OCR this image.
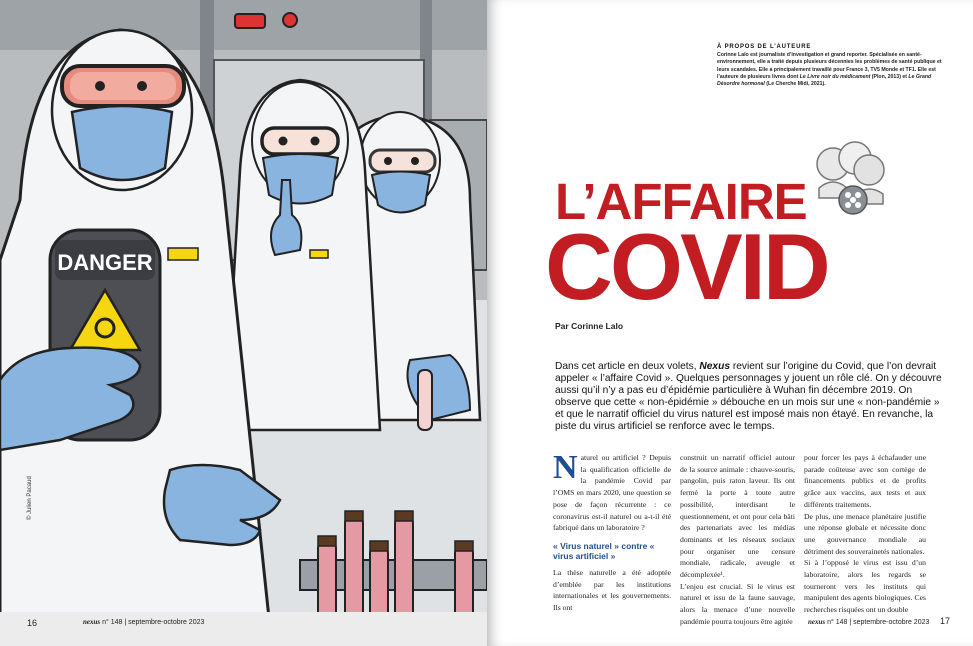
DANGER
© Julien Pacaud
16	nexus n° 148 | septembre-octobre 2023
À PROPOS DE L’AUTEURE
Corinne Lalo est journaliste d’investigation et grand reporter. Spécialisée en santé-environnement, elle a traité depuis plusieurs décennies les problèmes de santé publique et leurs scandales. Elle a principalement travaillé pour France 3, TV5 Monde et TF1. Elle est l’auteure de plusieurs livres dont Le Livre noir du médicament (Plon, 2013) et Le Grand Désordre hormonal (Le Cherche Midi, 2021).
L’AFFAIRE
COVID
Par Corinne Lalo
Dans cet article en deux volets, Nexus revient sur l’origine du Covid, que l’on devrait appeler « l’affaire Covid ». Quelques personnages y jouent un rôle clé. On y découvre aussi qu’il n’y a pas eu d’épidémie particulière à Wuhan fin décembre 2019. On observe que cette « non-épidémie » débouche en un mois sur une « non-pandémie » et que le narratif officiel du virus naturel est imposé mais non étayé. En revanche, la piste du virus artificiel se renforce avec le temps.
N aturel ou artificiel ? Depuis la qualification officielle de la pandémie Covid par l’OMS en mars 2020, une question se pose de façon récurrente : ce coronavirus est-il naturel ou a-t-il été fabriqué dans un laboratoire ?

« Virus naturel » contre « virus artificiel »

La thèse naturelle a été adoptée d’emblée par les institutions internationales et les gouvernements. Ils ont

construit un narratif officiel autour de la source animale : chauve-souris, pangolin, puis raton laveur. Ils ont fermé la porte à toute autre possibilité, interdisant le questionnement, et ont pour cela bâti des partenariats avec les médias dominants et les réseaux sociaux pour organiser une censure mondiale, radicale, aveugle et décomplexée¹.

L’enjeu est crucial. Si le virus est naturel et issu de la faune sauvage, alors la menace d’une nouvelle pandémie pourra toujours être agitée

pour forcer les pays à échafauder une parade coûteuse avec son cortège de financements publics et de profits grâce aux vaccins, aux tests et aux différents traitements.

De plus, une menace planétaire justifie une réponse globale et nécessite donc une gouvernance mondiale au détriment des souverainetés nationales.

Si à l’opposé le virus est issu d’un laboratoire, alors les regards se tourneront vers les instituts qui manipulent des agents biologiques. Ces recherches risquées ont un double

nexus n° 148 | septembre-octobre 2023 17
